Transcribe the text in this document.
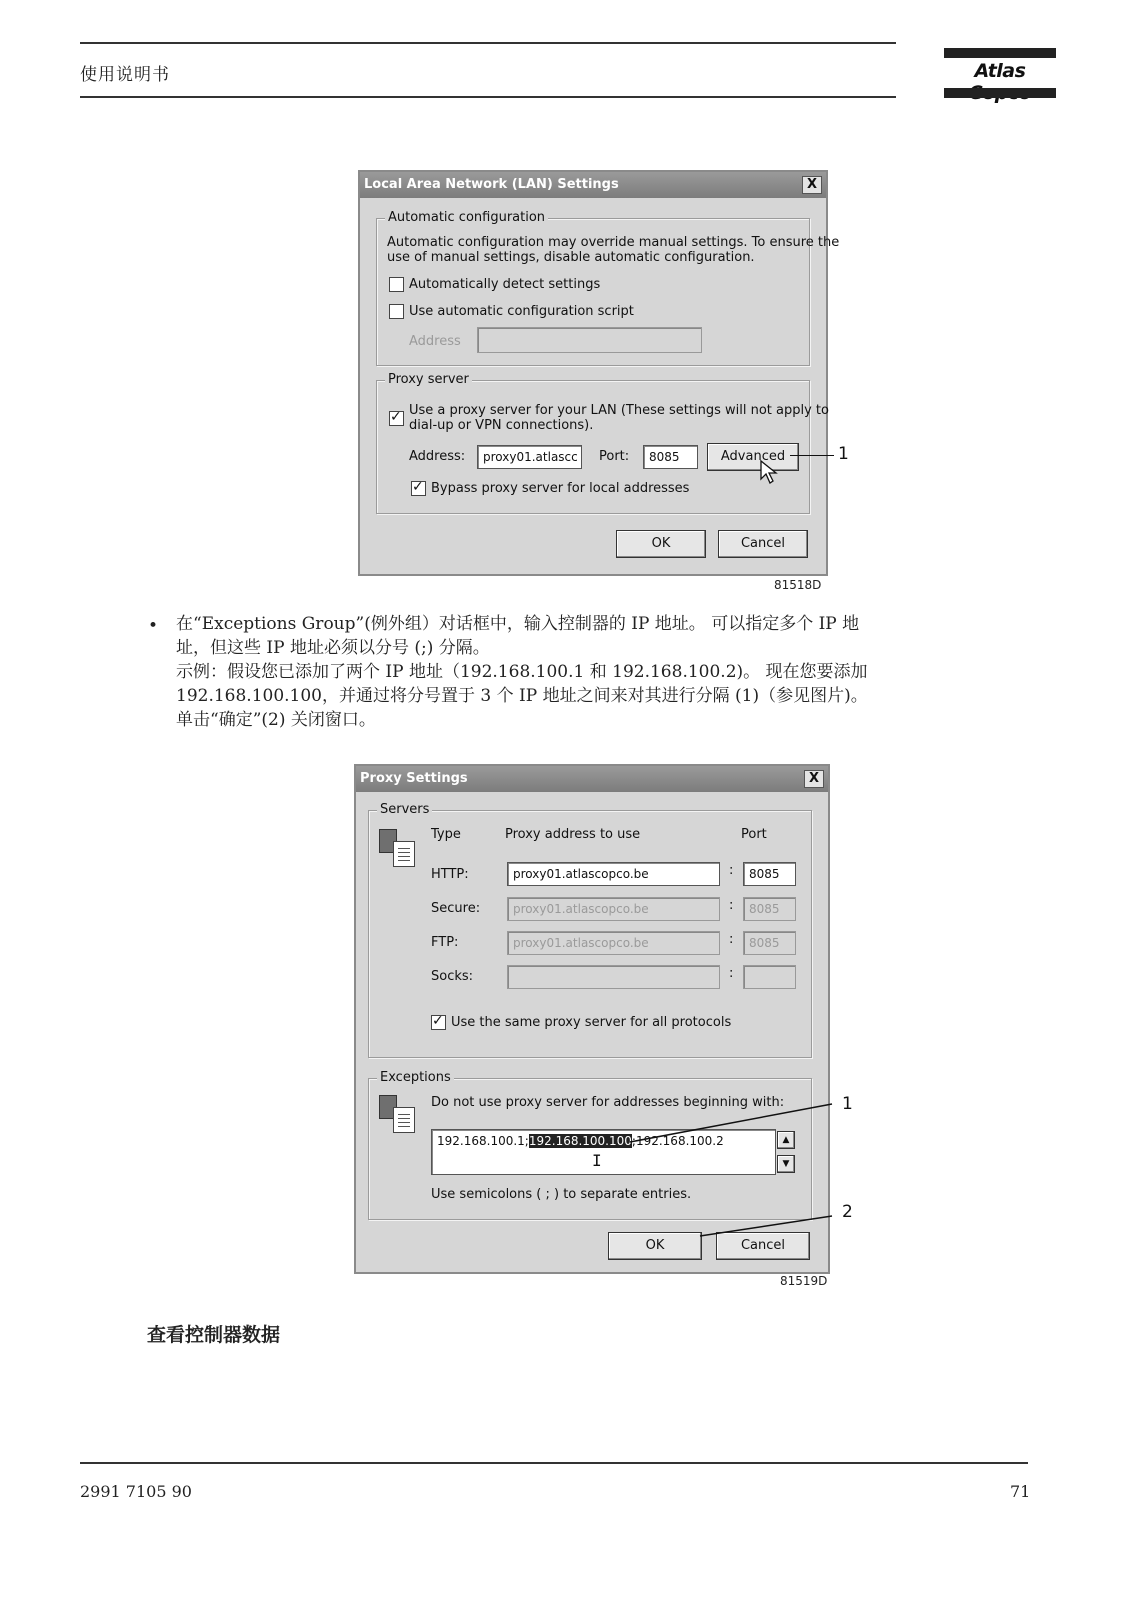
使用说明书	Atlas
Local Area Network (LAN) Settings	X
Automatic configuration
Automatic configuration may override manual settings. To ensure the
use of manual settings, disable automatic configuration.
Automatically detect settings
Use automatic configuration script
Address
Proxy server
✓
Use a proxy server for your LAN (These settings will not apply to
dial-up or VPN connections).
Address:	proxy01.atlascc	Port:	8085	Advanced
✓
Bypass proxy server for local addresses
OK	Cancel
1
81518D
• 在“Exceptions Group”(例外组）对话框中，输入控制器的 IP 地址。 可以指定多个 IP 地
址，但这些 IP 地址必须以分号 (;) 分隔。
示例：假设您已添加了两个 IP 地址（192.168.100.1 和 192.168.100.2)。 现在您要添加
192.168.100.100，并通过将分号置于 3 个 IP 地址之间来对其进行分隔 (1)（参见图片)。
单击“确定”(2) 关闭窗口。
Proxy Settings	X
Servers
Type	Proxy address to use	Port
HTTP:	proxy01.atlascopco.be	:	8085
Secure:	proxy01.atlascopco.be	:	8085
FTP:	proxy01.atlascopco.be	:	8085
Socks:	:
✓
Use the same proxy server for all protocols
Exceptions
Do not use proxy server for addresses beginning with:
192.168.100.1;192.168.100.100;192.168.100.2
I
▲
▼
Use semicolons ( ; ) to separate entries.
OK	Cancel
1
2
81519D
查看控制器数据
2991 7105 90	71
